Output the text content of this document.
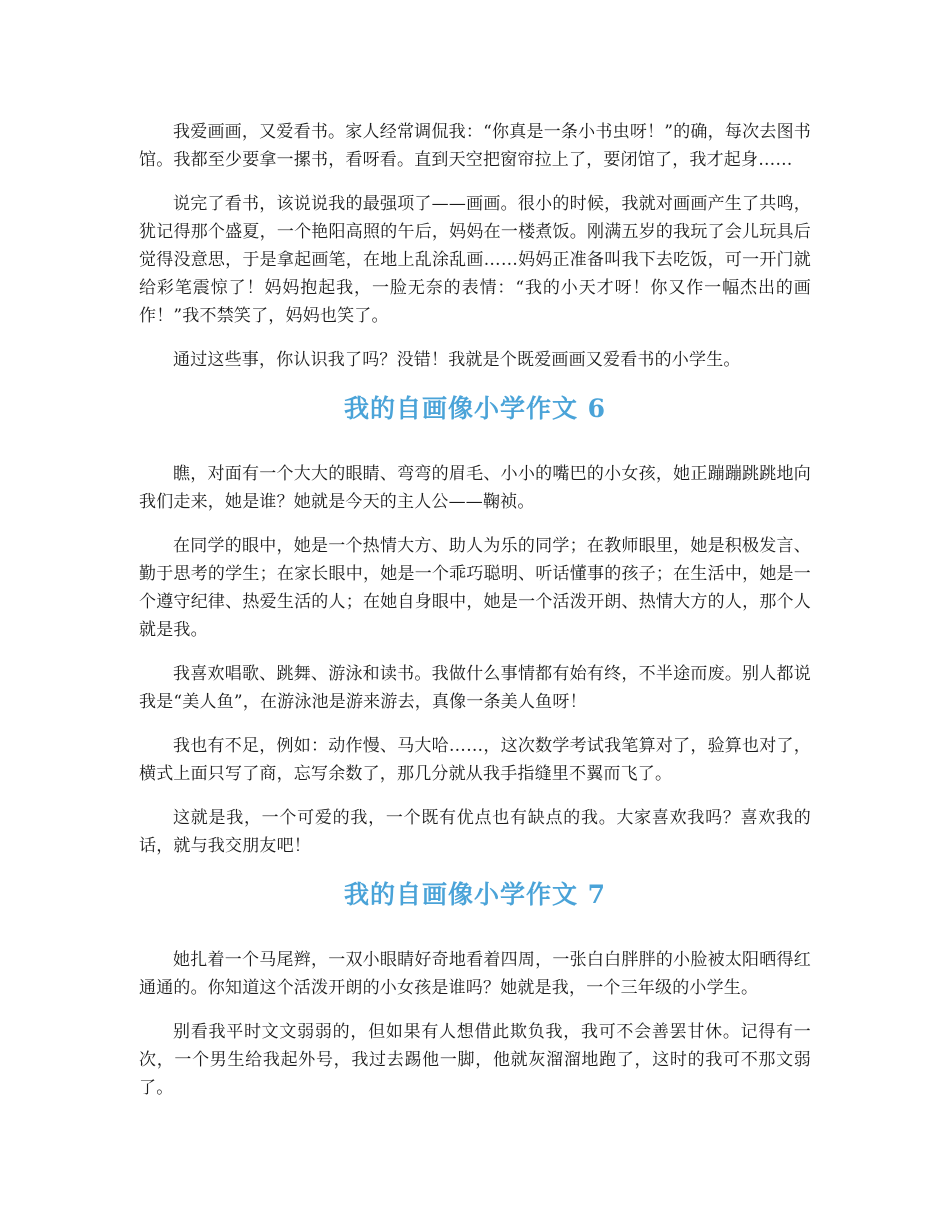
我爱画画，又爱看书。家人经常调侃我：“你真是一条小书虫呀！”的确，每次去图书馆。我都至少要拿一摞书，看呀看。直到天空把窗帘拉上了，要闭馆了，我才起身……

说完了看书，该说说我的最强项了——画画。很小的时候，我就对画画产生了共鸣，犹记得那个盛夏，一个艳阳高照的午后，妈妈在一楼煮饭。刚满五岁的我玩了会儿玩具后觉得没意思，于是拿起画笔，在地上乱涂乱画……妈妈正准备叫我下去吃饭，可一开门就给彩笔震惊了！妈妈抱起我，一脸无奈的表情：“我的小天才呀！你又作一幅杰出的画作！”我不禁笑了，妈妈也笑了。

通过这些事，你认识我了吗？没错！我就是个既爱画画又爱看书的小学生。

我的自画像小学作文 6

瞧，对面有一个大大的眼睛、弯弯的眉毛、小小的嘴巴的小女孩，她正蹦蹦跳跳地向我们走来，她是谁？她就是今天的主人公——鞠祯。

在同学的眼中，她是一个热情大方、助人为乐的同学；在教师眼里，她是积极发言、勤于思考的学生；在家长眼中，她是一个乖巧聪明、听话懂事的孩子；在生活中，她是一个遵守纪律、热爱生活的人；在她自身眼中，她是一个活泼开朗、热情大方的人，那个人就是我。

我喜欢唱歌、跳舞、游泳和读书。我做什么事情都有始有终，不半途而废。别人都说我是“美人鱼”，在游泳池是游来游去，真像一条美人鱼呀！

我也有不足，例如：动作慢、马大哈……，这次数学考试我笔算对了，验算也对了，横式上面只写了商，忘写余数了，那几分就从我手指缝里不翼而飞了。

这就是我，一个可爱的我，一个既有优点也有缺点的我。大家喜欢我吗？喜欢我的话，就与我交朋友吧！

我的自画像小学作文 7

她扎着一个马尾辫，一双小眼睛好奇地看着四周，一张白白胖胖的小脸被太阳晒得红通通的。你知道这个活泼开朗的小女孩是谁吗？她就是我，一个三年级的小学生。

别看我平时文文弱弱的，但如果有人想借此欺负我，我可不会善罢甘休。记得有一次，一个男生给我起外号，我过去踢他一脚，他就灰溜溜地跑了，这时的我可不那文弱了。
